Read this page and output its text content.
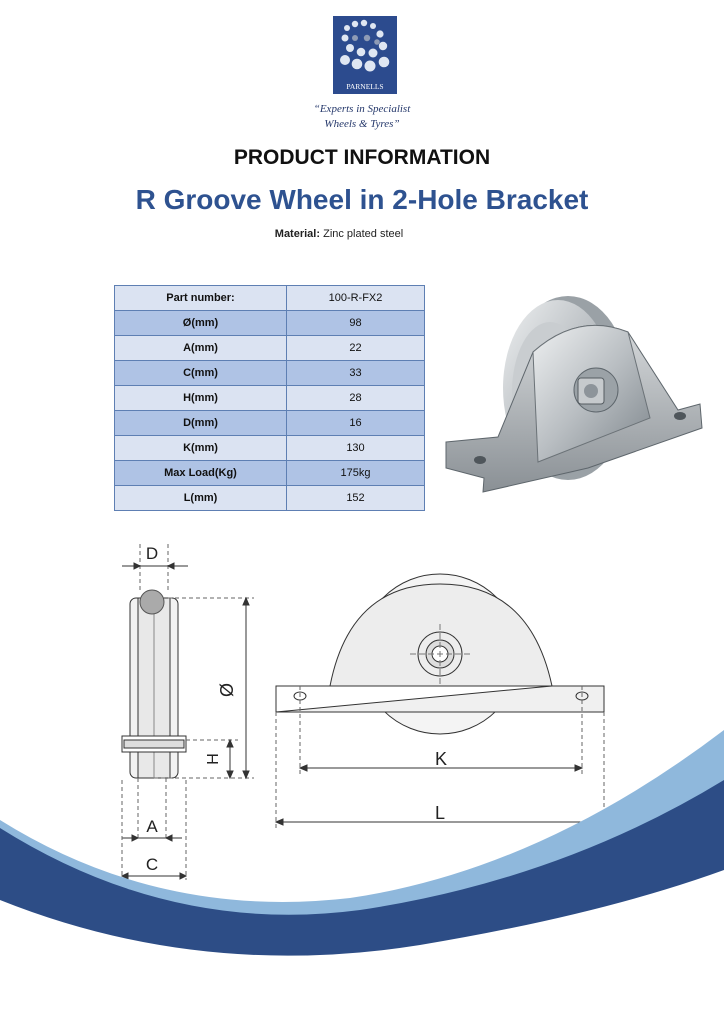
PARNELLS
“Experts in Specialist
Wheels & Tyres”
PRODUCT INFORMATION
R Groove Wheel in 2-Hole Bracket
Material: Zinc plated steel
Part number:	100-R-FX2
Ø(mm)	98
A(mm)	22
C(mm)	33
H(mm)	28
D(mm)	16
K(mm)	130
Max Load(Kg)	175kg
L(mm)	152
D
Ø
H
A
C
K
L
